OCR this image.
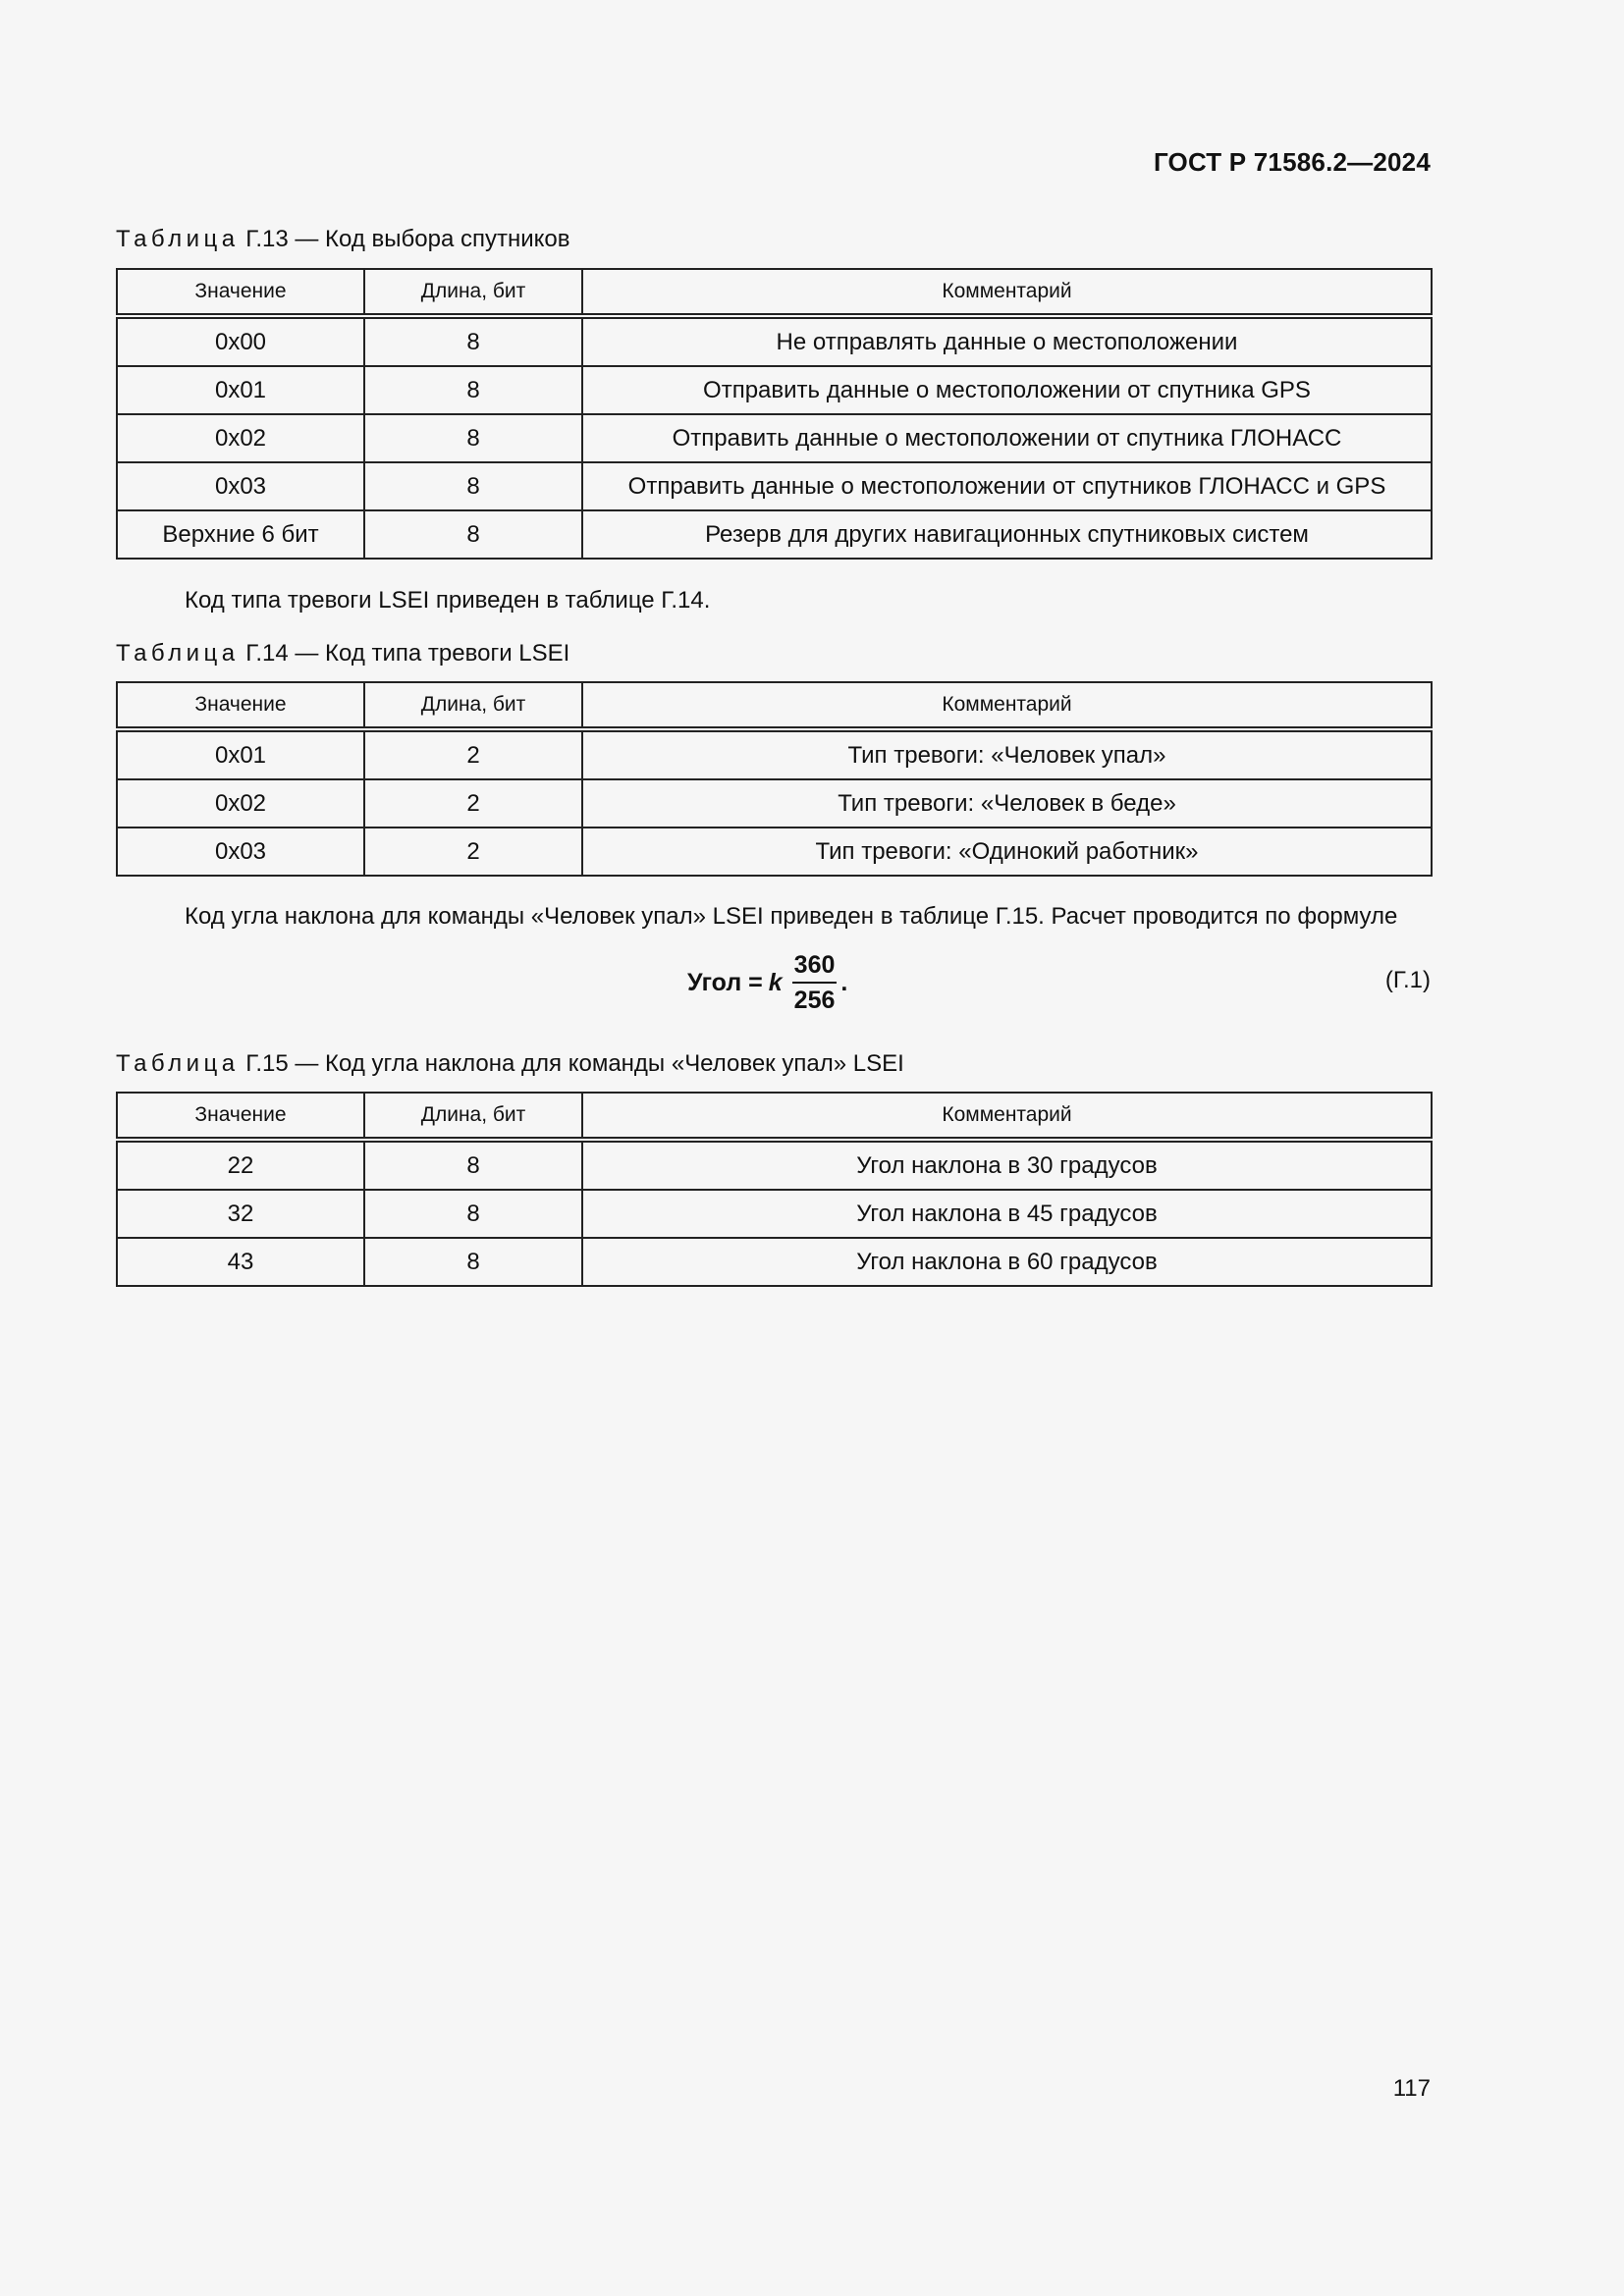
ГОСТ Р 71586.2—2024
Таблица Г.13 — Код выбора спутников
Значение	Длина, бит	Комментарий
0x00	8	Не отправлять данные о местоположении
0x01	8	Отправить данные о местоположении от спутника GPS
0x02	8	Отправить данные о местоположении от спутника ГЛОНАСС
0x03	8	Отправить данные о местоположении от спутников ГЛОНАСС и GPS
Верхние 6 бит	8	Резерв для других навигационных спутниковых систем
Код типа тревоги LSEI приведен в таблице Г.14.
Таблица Г.14 — Код типа тревоги LSEI
Значение	Длина, бит	Комментарий
0x01	2	Тип тревоги: «Человек упал»
0x02	2	Тип тревоги: «Человек в беде»
0x03	2	Тип тревоги: «Одинокий работник»
Код угла наклона для команды «Человек упал» LSEI приведен в таблице Г.15. Расчет проводится по формуле
Угол = k $\frac{360}{256}$ .	(Г.1)
Таблица Г.15 — Код угла наклона для команды «Человек упал» LSEI
Значение	Длина, бит	Комментарий
22	8	Угол наклона в 30 градусов
32	8	Угол наклона в 45 градусов
43	8	Угол наклона в 60 градусов
117
